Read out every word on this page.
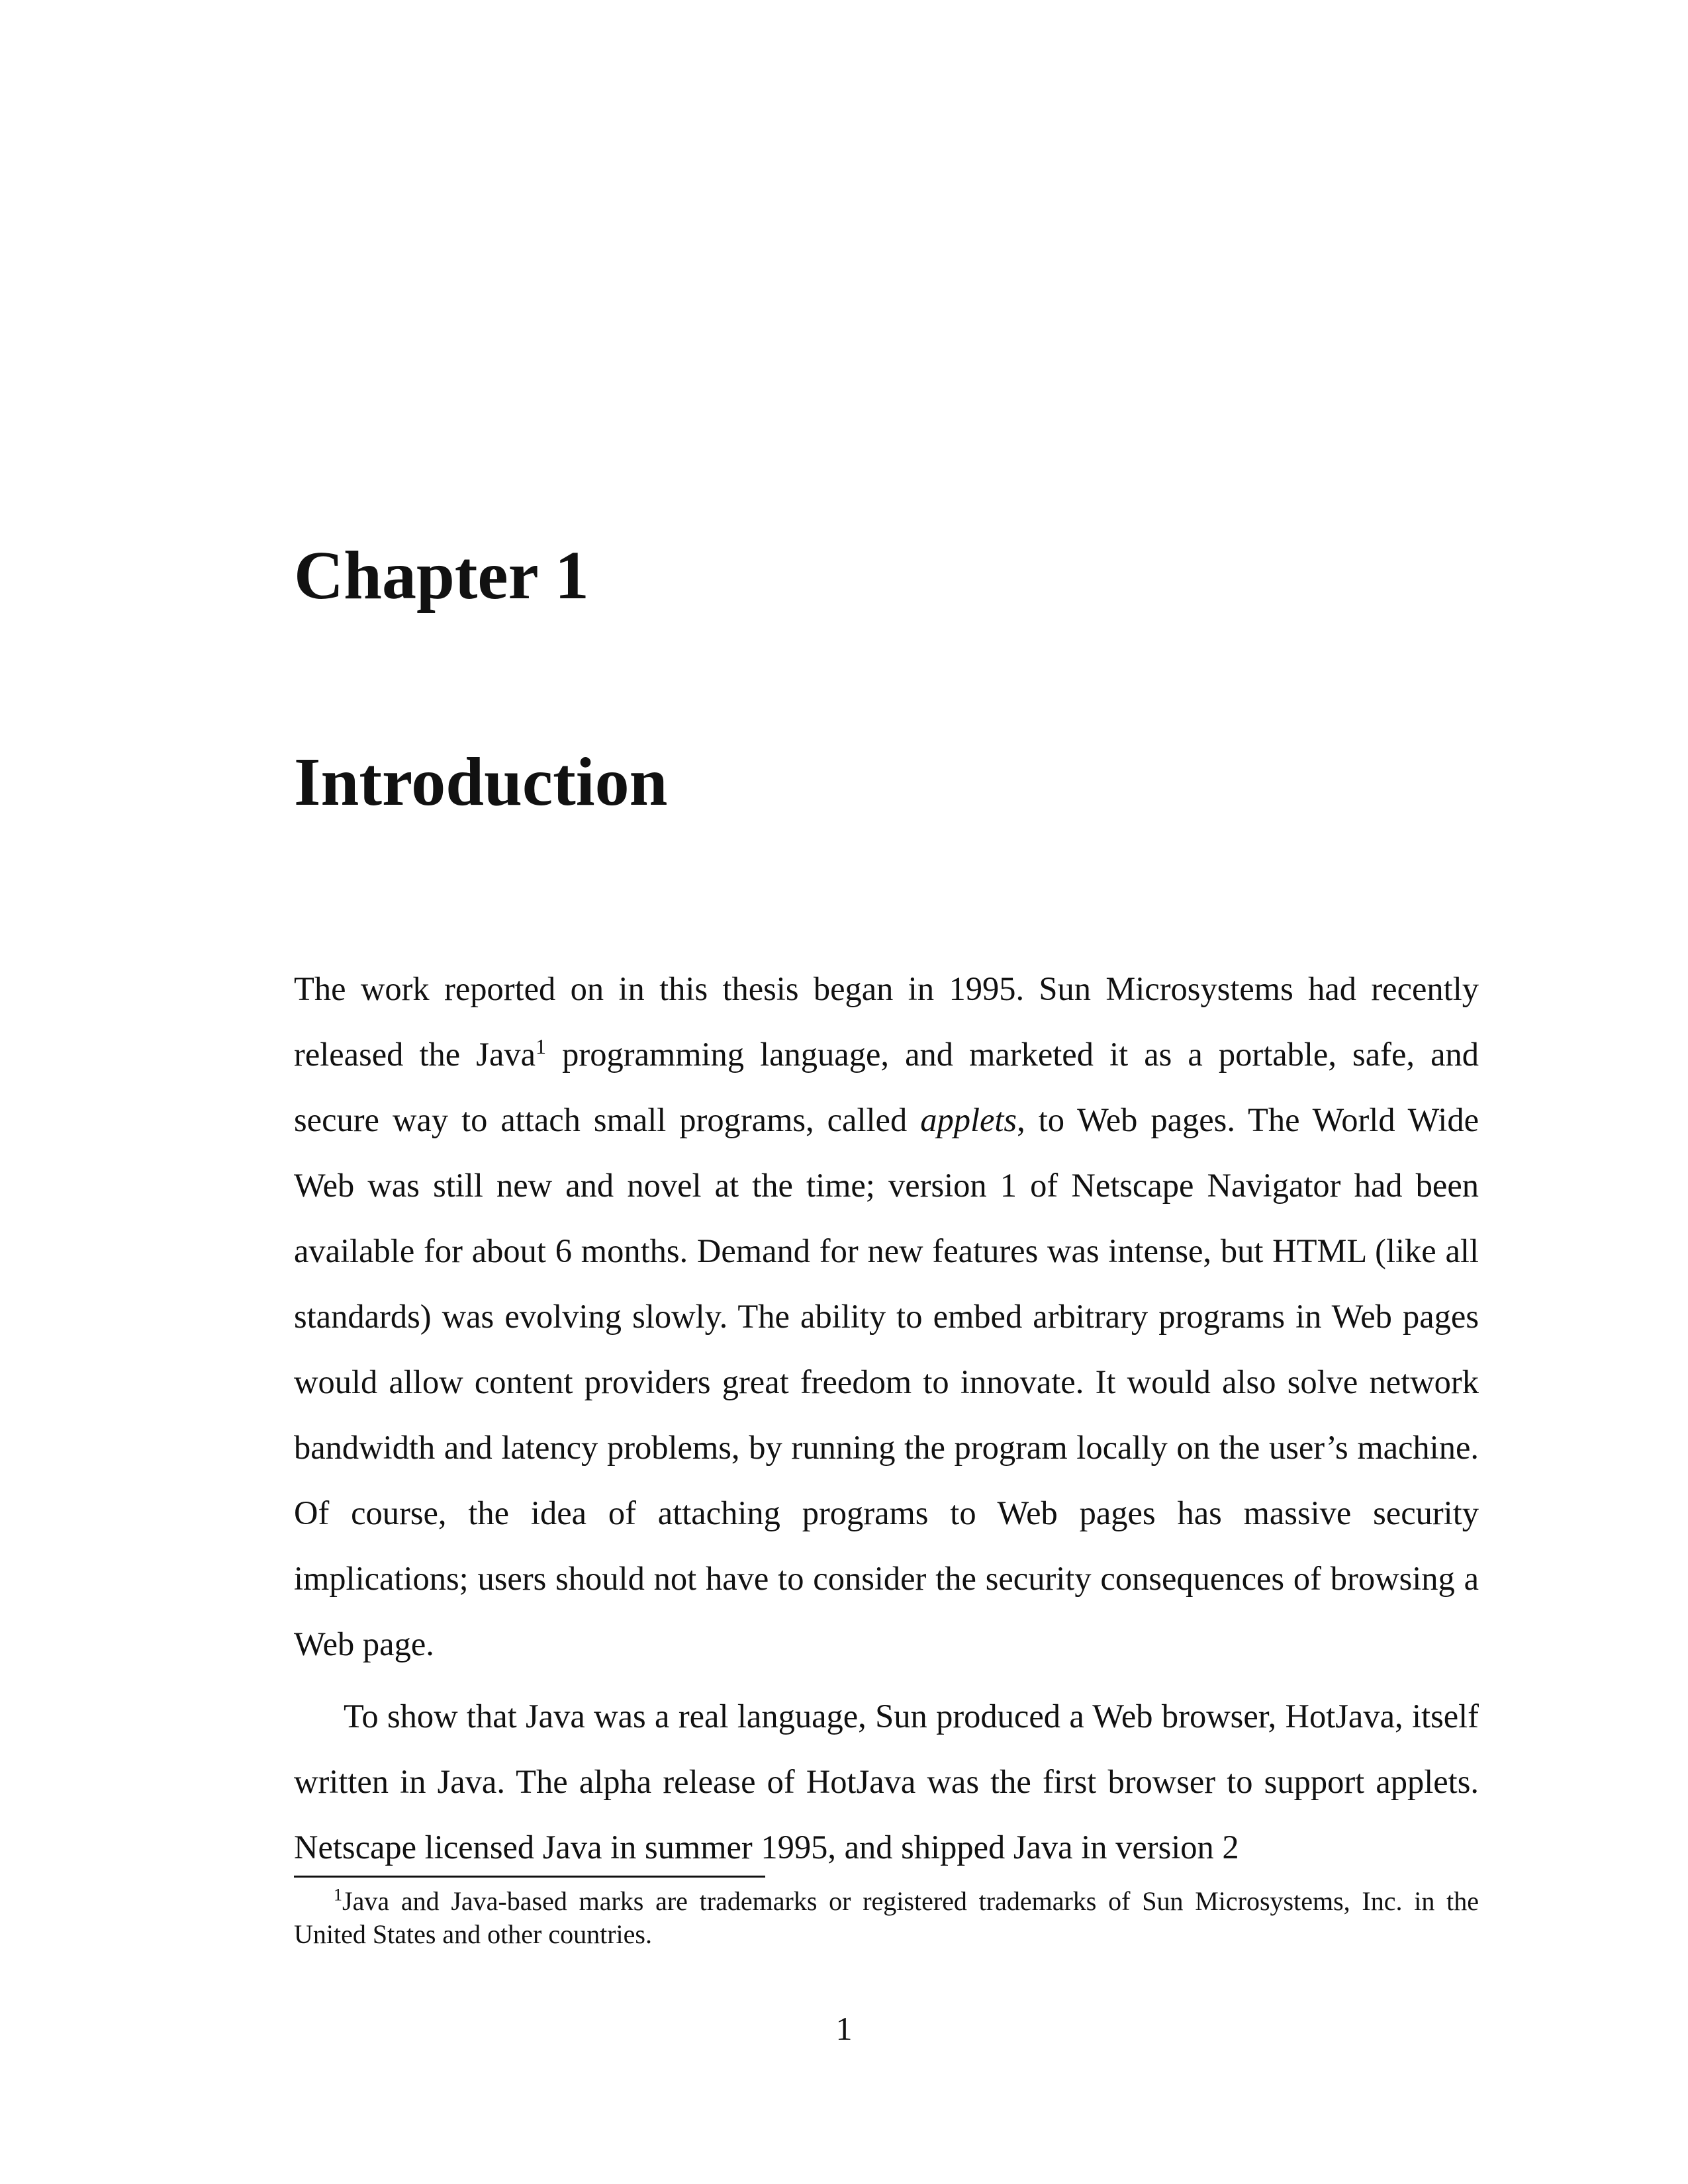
Chapter 1
Introduction

The work reported on in this thesis began in 1995. Sun Microsystems had recently released the Java$^1$ programming language, and marketed it as a portable, safe, and secure way to attach small programs, called applets, to Web pages. The World Wide Web was still new and novel at the time; version 1 of Netscape Navigator had been available for about 6 months. Demand for new features was intense, but HTML (like all standards) was evolving slowly. The ability to embed arbitrary programs in Web pages would allow content providers great freedom to innovate. It would also solve network bandwidth and latency problems, by running the program locally on the user’s machine. Of course, the idea of attaching programs to Web pages has massive security implications; users should not have to consider the security consequences of browsing a Web page.

To show that Java was a real language, Sun produced a Web browser, HotJava, itself written in Java. The alpha release of HotJava was the first browser to support applets. Netscape licensed Java in summer 1995, and shipped Java in version 2

$^1$Java and Java-based marks are trademarks or registered trademarks of Sun Microsystems, Inc. in the United States and other countries.

1
